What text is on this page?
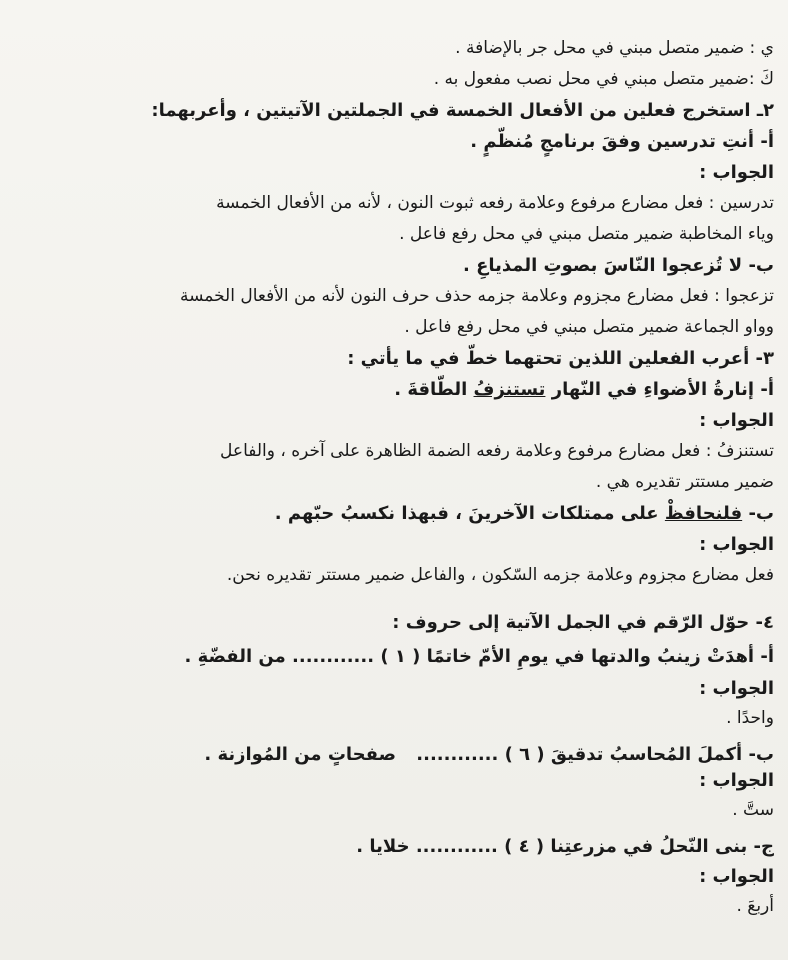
ي : ضمير متصل مبني في محل جر بالإضافة .
كَ :ضمير متصل مبني في محل نصب مفعول به .
٢ـ استخرج فعلين من الأفعال الخمسة في الجملتين الآتيتين ، وأعربهما:
أ- أنتِ تدرسين وفقَ برنامجٍ مُنظّمٍ .
الجواب :
تدرسين : فعل مضارع مرفوع وعلامة رفعه ثبوت النون ، لأنه من الأفعال الخمسة
وياء المخاطبة ضمير متصل مبني في محل رفع فاعل .
ب- لا تُزعجوا النّاسَ بصوتِ المذياعِ .
تزعجوا : فعل مضارع مجزوم وعلامة جزمه حذف حرف النون لأنه من الأفعال الخمسة
وواو الجماعة ضمير متصل مبني في محل رفع فاعل .
٣- أعرب الفعلين اللذين تحتهما خطّ في ما يأتي :
أ- إنارةُ الأضواءِ في النّهار تستنزفُ الطّاقةَ .
الجواب :
تستنزفُ : فعل مضارع مرفوع وعلامة رفعه الضمة الظاهرة على آخره ، والفاعل
ضمير مستتر تقديره هي .
ب- فلنحافظْ على ممتلكات الآخرينَ ، فبهذا نكسبُ حبّهم .
الجواب :
فعل مضارع مجزوم وعلامة جزمه السّكون ، والفاعل ضمير مستتر تقديره نحن.
٤- حوّل الرّقم في الجمل الآتية إلى حروف :
أ- أهدَتْ زينبُ والدتها في يومِ الأمّ خاتمًا ( ١ ) ............ من الفضّةِ .
الجواب :
واحدًا .
ب- أكملَ المُحاسبُ تدقيقَ ( ٦ ) ............ صفحاتٍ من المُوازنة .
الجواب :
ستَّ .
ج- بنى النّحلُ في مزرعتِنا ( ٤ ) ............ خلايا .
الجواب :
أربعَ .
